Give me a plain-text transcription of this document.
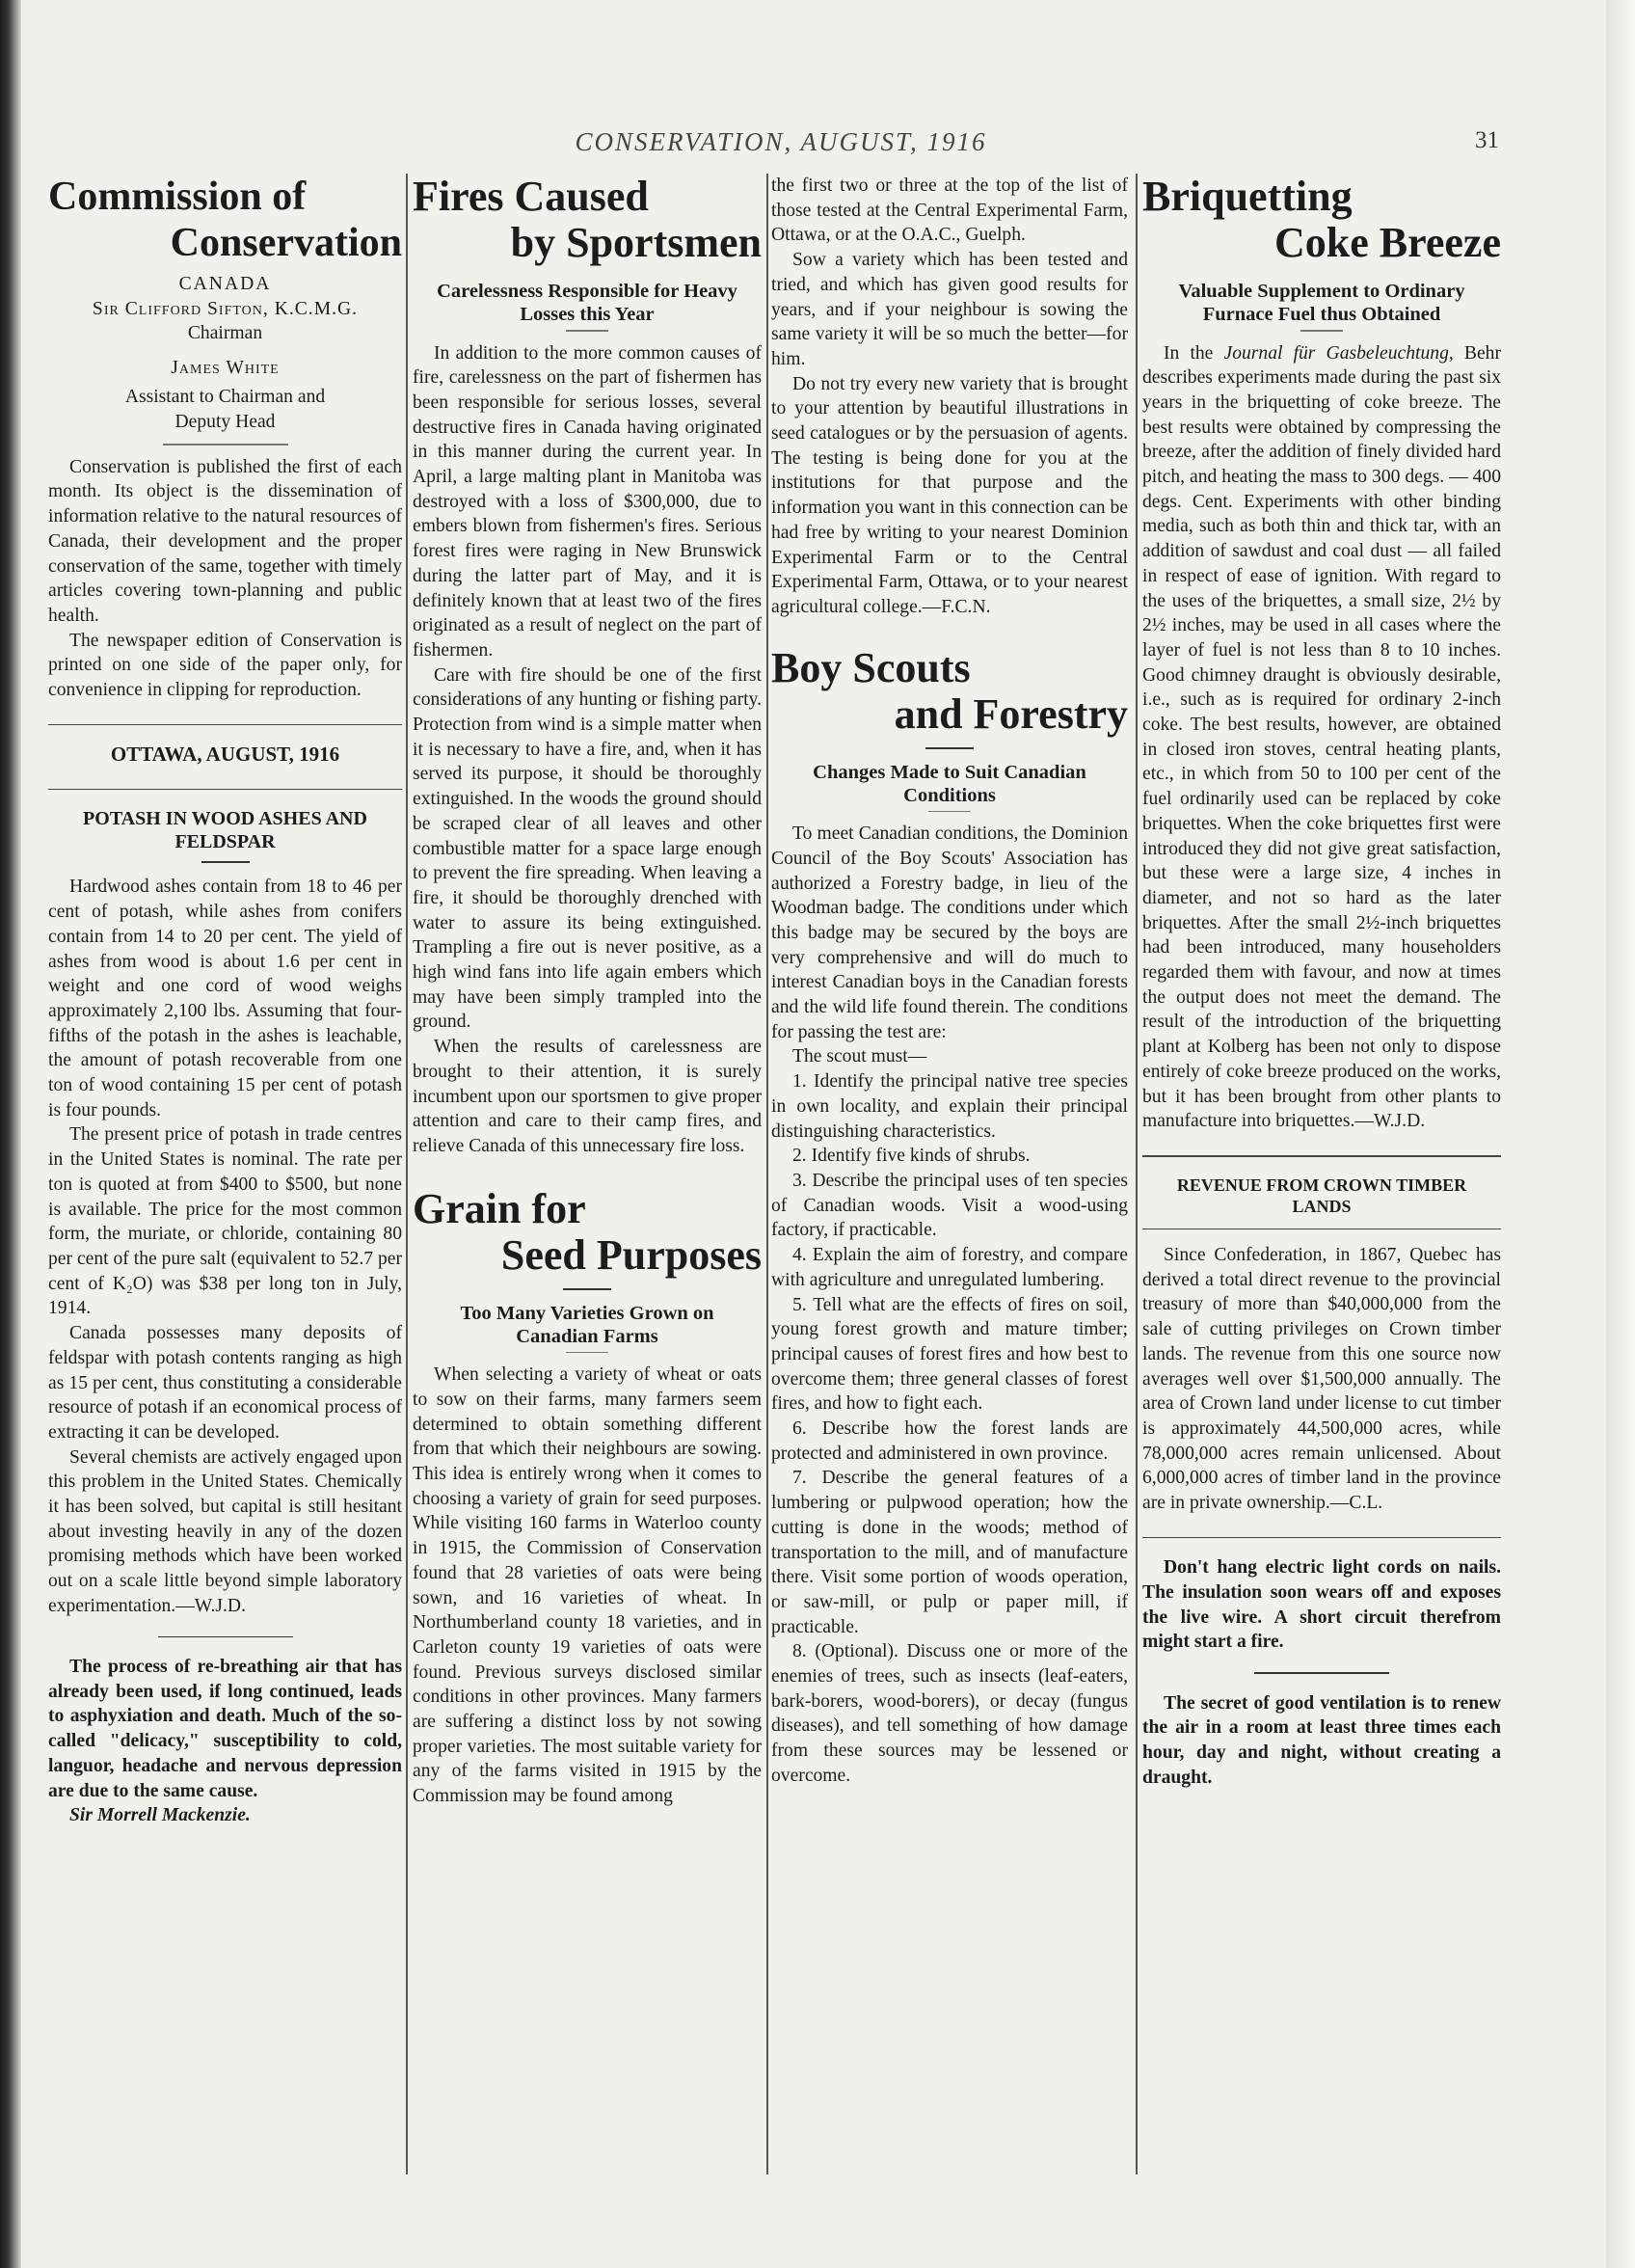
CONSERVATION, AUGUST, 1916	31
Commission of
Conservation

CANADA

Sir Clifford Sifton, K.C.M.G.

Chairman

James White

Assistant to Chairman and

Deputy Head

Conservation is published the first of each month. Its object is the dissemination of information relative to the natural resources of Canada, their development and the proper conservation of the same, together with timely articles covering town-planning and public health.

The newspaper edition of Conservation is printed on one side of the paper only, for convenience in clipping for reproduction.

OTTAWA, AUGUST, 1916

POTASH IN WOOD ASHES AND FELDSPAR

Hardwood ashes contain from 18 to 46 per cent of potash, while ashes from conifers contain from 14 to 20 per cent. The yield of ashes from wood is about 1.6 per cent in weight and one cord of wood weighs approximately 2,100 lbs. Assuming that four-fifths of the potash in the ashes is leachable, the amount of potash recoverable from one ton of wood containing 15 per cent of potash is four pounds.

The present price of potash in trade centres in the United States is nominal. The rate per ton is quoted at from $400 to $500, but none is available. The price for the most common form, the muriate, or chloride, containing 80 per cent of the pure salt (equivalent to 52.7 per cent of K₂O) was $38 per long ton in July, 1914.

Canada possesses many deposits of feldspar with potash contents ranging as high as 15 per cent, thus constituting a considerable resource of potash if an economical process of extracting it can be developed.

Several chemists are actively engaged upon this problem in the United States. Chemically it has been solved, but capital is still hesitant about investing heavily in any of the dozen promising methods which have been worked out on a scale little beyond simple laboratory experimentation.—W.J.D.

The process of re-breathing air that has already been used, if long continued, leads to asphyxiation and death. Much of the so-called "delicacy," susceptibility to cold, languor, headache and nervous depression are due to the same cause.

Sir Morrell Mackenzie.

Fires Caused
by Sportsmen
Carelessness Responsible for Heavy Losses this Year

In addition to the more common causes of fire, carelessness on the part of fishermen has been responsible for serious losses, several destructive fires in Canada having originated in this manner during the current year. In April, a large malting plant in Manitoba was destroyed with a loss of $300,000, due to embers blown from fishermen's fires. Serious forest fires were raging in New Brunswick during the latter part of May, and it is definitely known that at least two of the fires originated as a result of neglect on the part of fishermen.

Care with fire should be one of the first considerations of any hunting or fishing party. Protection from wind is a simple matter when it is necessary to have a fire, and, when it has served its purpose, it should be thoroughly extinguished. In the woods the ground should be scraped clear of all leaves and other combustible matter for a space large enough to prevent the fire spreading. When leaving a fire, it should be thoroughly drenched with water to assure its being extinguished. Trampling a fire out is never positive, as a high wind fans into life again embers which may have been simply trampled into the ground.

When the results of carelessness are brought to their attention, it is surely incumbent upon our sportsmen to give proper attention and care to their camp fires, and relieve Canada of this unnecessary fire loss.

Grain for
Seed Purposes
Too Many Varieties Grown on Canadian Farms

When selecting a variety of wheat or oats to sow on their farms, many farmers seem determined to obtain something different from that which their neighbours are sowing. This idea is entirely wrong when it comes to choosing a variety of grain for seed purposes. While visiting 160 farms in Waterloo county in 1915, the Commission of Conservation found that 28 varieties of oats were being sown, and 16 varieties of wheat. In Northumberland county 18 varieties, and in Carleton county 19 varieties of oats were found. Previous surveys disclosed similar conditions in other provinces. Many farmers are suffering a distinct loss by not sowing proper varieties. The most suitable variety for any of the farms visited in 1915 by the Commission may be found among

the first two or three at the top of the list of those tested at the Central Experimental Farm, Ottawa, or at the O.A.C., Guelph.

Sow a variety which has been tested and tried, and which has given good results for years, and if your neighbour is sowing the same variety it will be so much the better—for him.

Do not try every new variety that is brought to your attention by beautiful illustrations in seed catalogues or by the persuasion of agents. The testing is being done for you at the institutions for that purpose and the information you want in this connection can be had free by writing to your nearest Dominion Experimental Farm or to the Central Experimental Farm, Ottawa, or to your nearest agricultural college.—F.C.N.

Boy Scouts
and Forestry
Changes Made to Suit Canadian Conditions

To meet Canadian conditions, the Dominion Council of the Boy Scouts' Association has authorized a Forestry badge, in lieu of the Woodman badge. The conditions under which this badge may be secured by the boys are very comprehensive and will do much to interest Canadian boys in the Canadian forests and the wild life found therein. The conditions for passing the test are:

The scout must—

1. Identify the principal native tree species in own locality, and explain their principal distinguishing characteristics.

2. Identify five kinds of shrubs.

3. Describe the principal uses of ten species of Canadian woods. Visit a wood-using factory, if practicable.

4. Explain the aim of forestry, and compare with agriculture and unregulated lumbering.

5. Tell what are the effects of fires on soil, young forest growth and mature timber; principal causes of forest fires and how best to overcome them; three general classes of forest fires, and how to fight each.

6. Describe how the forest lands are protected and administered in own province.

7. Describe the general features of a lumbering or pulpwood operation; how the cutting is done in the woods; method of transportation to the mill, and of manufacture there. Visit some portion of woods operation, or saw-mill, or pulp or paper mill, if practicable.

8. (Optional). Discuss one or more of the enemies of trees, such as insects (leaf-eaters, bark-borers, wood-borers), or decay (fungus diseases), and tell something of how damage from these sources may be lessened or overcome.

Briquetting
Coke Breeze
Valuable Supplement to Ordinary Furnace Fuel thus Obtained

In the Journal für Gasbeleuchtung, Behr describes experiments made during the past six years in the briquetting of coke breeze. The best results were obtained by compressing the breeze, after the addition of finely divided hard pitch, and heating the mass to 300 degs. — 400 degs. Cent. Experiments with other binding media, such as both thin and thick tar, with an addition of sawdust and coal dust — all failed in respect of ease of ignition. With regard to the uses of the briquettes, a small size, 2½ by 2½ inches, may be used in all cases where the layer of fuel is not less than 8 to 10 inches. Good chimney draught is obviously desirable, i.e., such as is required for ordinary 2-inch coke. The best results, however, are obtained in closed iron stoves, central heating plants, etc., in which from 50 to 100 per cent of the fuel ordinarily used can be replaced by coke briquettes. When the coke briquettes first were introduced they did not give great satisfaction, but these were a large size, 4 inches in diameter, and not so hard as the later briquettes. After the small 2½-inch briquettes had been introduced, many householders regarded them with favour, and now at times the output does not meet the demand. The result of the introduction of the briquetting plant at Kolberg has been not only to dispose entirely of coke breeze produced on the works, but it has been brought from other plants to manufacture into briquettes.—W.J.D.

REVENUE FROM CROWN TIMBER LANDS

Since Confederation, in 1867, Quebec has derived a total direct revenue to the provincial treasury of more than $40,000,000 from the sale of cutting privileges on Crown timber lands. The revenue from this one source now averages well over $1,500,000 annually. The area of Crown land under license to cut timber is approximately 44,500,000 acres, while 78,000,000 acres remain unlicensed. About 6,000,000 acres of timber land in the province are in private ownership.—C.L.

Don't hang electric light cords on nails. The insulation soon wears off and exposes the live wire. A short circuit therefrom might start a fire.

The secret of good ventilation is to renew the air in a room at least three times each hour, day and night, without creating a draught.
